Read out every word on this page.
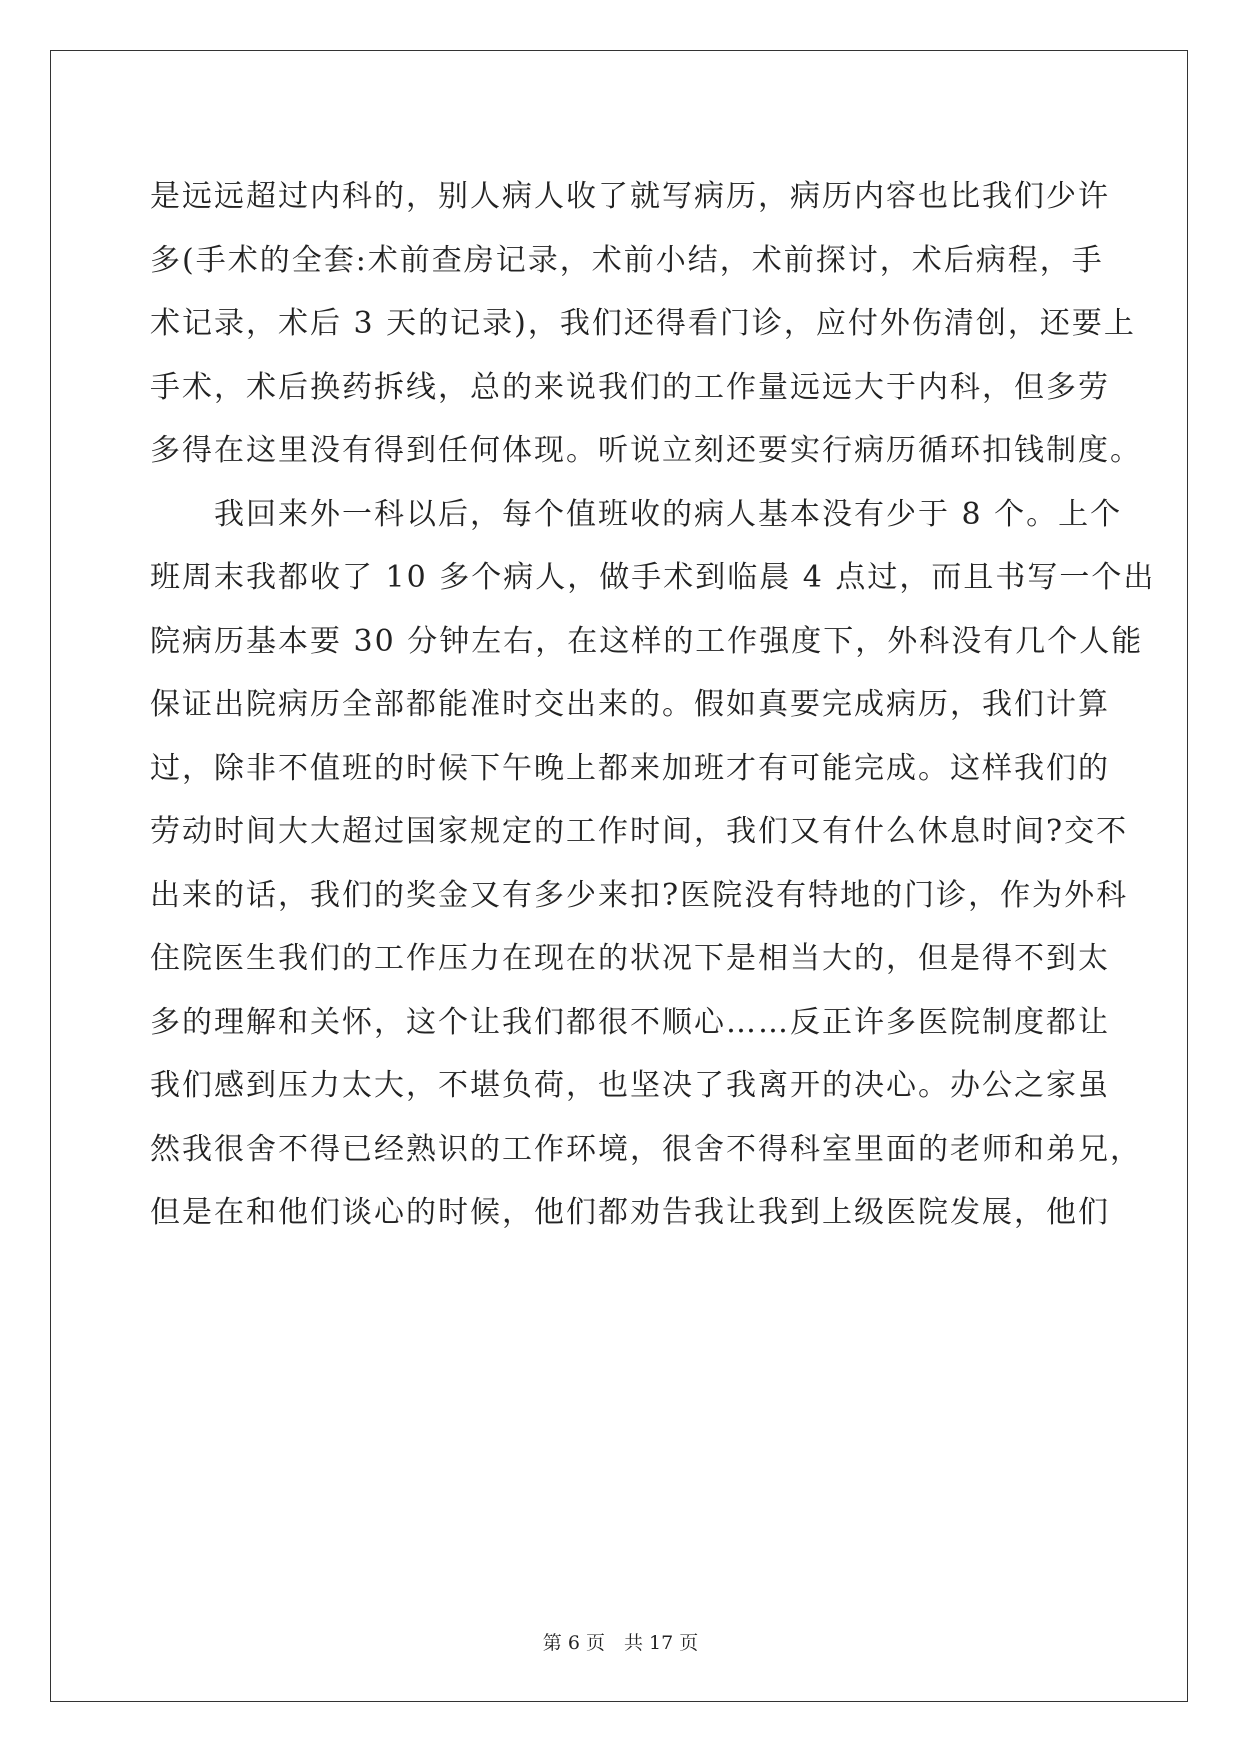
是远远超过内科的，别人病人收了就写病历，病历内容也比我们少许
多(手术的全套:术前查房记录，术前小结，术前探讨，术后病程，手
术记录，术后 3 天的记录)，我们还得看门诊，应付外伤清创，还要上
手术，术后换药拆线，总的来说我们的工作量远远大于内科，但多劳
多得在这里没有得到任何体现。听说立刻还要实行病历循环扣钱制度。
　　我回来外一科以后，每个值班收的病人基本没有少于 8 个。上个
班周末我都收了 10 多个病人，做手术到临晨 4 点过，而且书写一个出
院病历基本要 30 分钟左右，在这样的工作强度下，外科没有几个人能
保证出院病历全部都能准时交出来的。假如真要完成病历，我们计算
过，除非不值班的时候下午晚上都来加班才有可能完成。这样我们的
劳动时间大大超过国家规定的工作时间，我们又有什么休息时间?交不
出来的话，我们的奖金又有多少来扣?医院没有特地的门诊，作为外科
住院医生我们的工作压力在现在的状况下是相当大的，但是得不到太
多的理解和关怀，这个让我们都很不顺心……反正许多医院制度都让
我们感到压力太大，不堪负荷，也坚决了我离开的决心。办公之家虽
然我很舍不得已经熟识的工作环境，很舍不得科室里面的老师和弟兄，
但是在和他们谈心的时候，他们都劝告我让我到上级医院发展，他们
第 6 页　共 17 页
